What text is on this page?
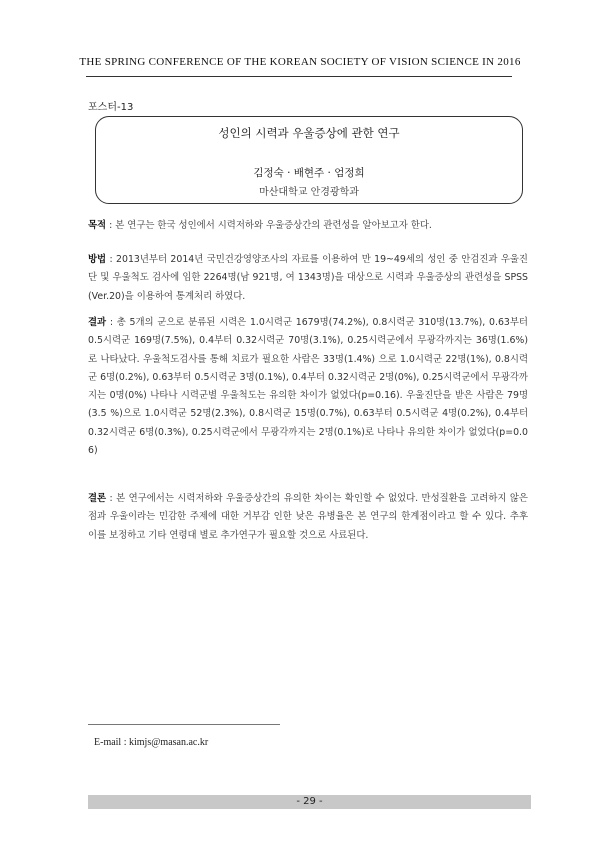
THE SPRING CONFERENCE OF THE KOREAN SOCIETY OF VISION SCIENCE IN 2016
포스터-13
성인의 시력과 우울증상에 관한 연구
김정숙 · 배현주 · 엄정희
마산대학교 안경광학과
목적 : 본 연구는 한국 성인에서 시력저하와 우울증상간의 관련성을 알아보고자 한다.
방법 : 2013년부터 2014년 국민건강영양조사의 자료를 이용하여 만 19~49세의 성인 중 안검진과 우울진단 및 우울척도 검사에 임한 2264명(남 921명, 여 1343명)을 대상으로 시력과 우울증상의 관련성을 SPSS(Ver.20)을 이용하여 통계처리 하였다.
결과 : 총 5개의 군으로 분류된 시력은 1.0시력군 1679명(74.2%), 0.8시력군 310명(13.7%), 0.63부터 0.5시력군 169명(7.5%), 0.4부터 0.32시력군 70명(3.1%), 0.25시력군에서 무광각까지는 36명(1.6%)로 나타났다. 우울척도검사를 통해 치료가 필요한 사람은 33명(1.4%) 으로 1.0시력군 22명(1%), 0.8시력군 6명(0.2%), 0.63부터 0.5시력군 3명(0.1%), 0.4부터 0.32시력군 2명(0%), 0.25시력군에서 무광각까지는 0명(0%) 나타나 시력군별 우울척도는 유의한 차이가 없었다(p=0.16). 우울진단을 받은 사람은 79명(3.5 %)으로 1.0시력군 52명(2.3%), 0.8시력군 15명(0.7%), 0.63부터 0.5시력군 4명(0.2%), 0.4부터 0.32시력군 6명(0.3%), 0.25시력군에서 무광각까지는 2명(0.1%)로 나타나 유의한 차이가 없었다(p=0.06)
결론 : 본 연구에서는 시력저하와 우울증상간의 유의한 차이는 확인할 수 없었다. 만성질환을 고려하지 않은 점과 우울이라는 민감한 주제에 대한 거부감 인한 낮은 유병율은 본 연구의 한계점이라고 할 수 있다. 추후 이를 보정하고 기타 연령대 별로 추가연구가 필요할 것으로 사료된다.
E-mail : kimjs@masan.ac.kr
- 29 -
